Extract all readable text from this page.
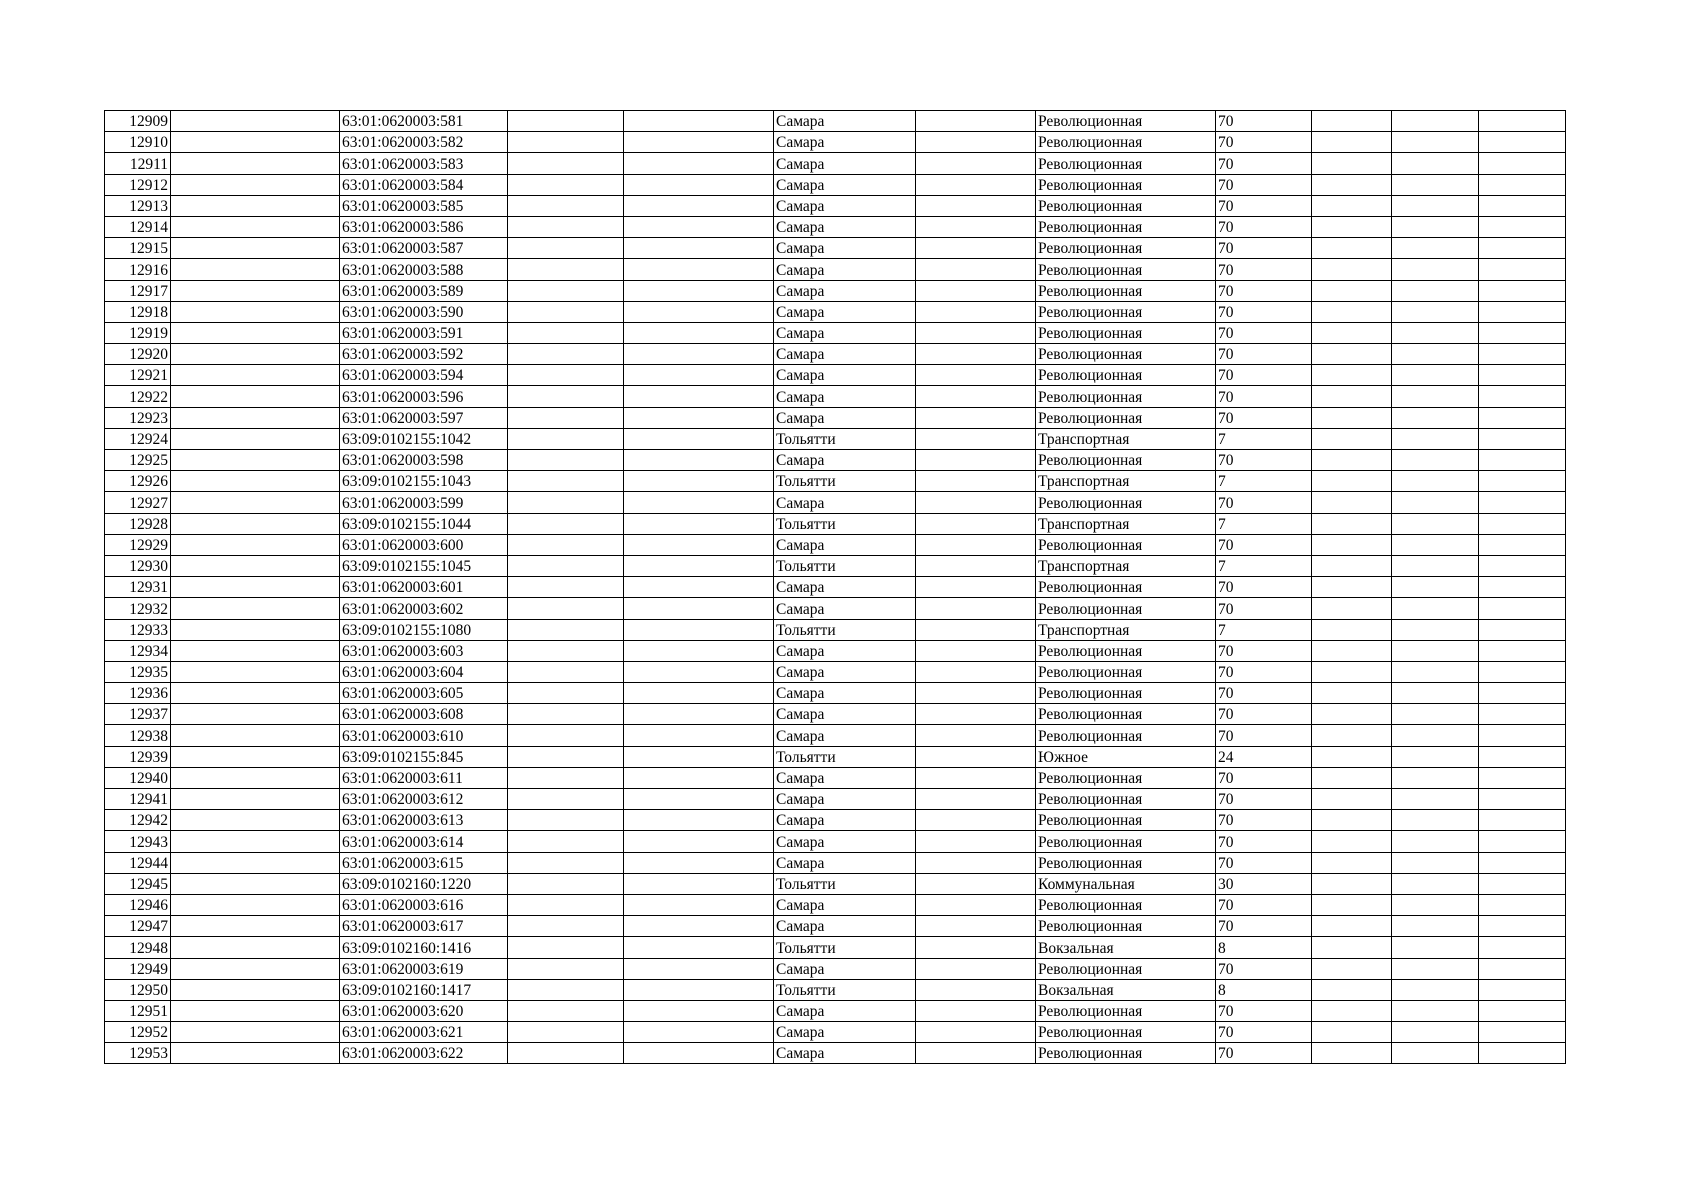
12909		63:01:0620003:581			Самара		Революционная	70			
12910		63:01:0620003:582			Самара		Революционная	70			
12911		63:01:0620003:583			Самара		Революционная	70			
12912		63:01:0620003:584			Самара		Революционная	70			
12913		63:01:0620003:585			Самара		Революционная	70			
12914		63:01:0620003:586			Самара		Революционная	70			
12915		63:01:0620003:587			Самара		Революционная	70			
12916		63:01:0620003:588			Самара		Революционная	70			
12917		63:01:0620003:589			Самара		Революционная	70			
12918		63:01:0620003:590			Самара		Революционная	70			
12919		63:01:0620003:591			Самара		Революционная	70			
12920		63:01:0620003:592			Самара		Революционная	70			
12921		63:01:0620003:594			Самара		Революционная	70			
12922		63:01:0620003:596			Самара		Революционная	70			
12923		63:01:0620003:597			Самара		Революционная	70			
12924		63:09:0102155:1042			Тольятти		Транспортная	7			
12925		63:01:0620003:598			Самара		Революционная	70			
12926		63:09:0102155:1043			Тольятти		Транспортная	7			
12927		63:01:0620003:599			Самара		Революционная	70			
12928		63:09:0102155:1044			Тольятти		Транспортная	7			
12929		63:01:0620003:600			Самара		Революционная	70			
12930		63:09:0102155:1045			Тольятти		Транспортная	7			
12931		63:01:0620003:601			Самара		Революционная	70			
12932		63:01:0620003:602			Самара		Революционная	70			
12933		63:09:0102155:1080			Тольятти		Транспортная	7			
12934		63:01:0620003:603			Самара		Революционная	70			
12935		63:01:0620003:604			Самара		Революционная	70			
12936		63:01:0620003:605			Самара		Революционная	70			
12937		63:01:0620003:608			Самара		Революционная	70			
12938		63:01:0620003:610			Самара		Революционная	70			
12939		63:09:0102155:845			Тольятти		Южное	24			
12940		63:01:0620003:611			Самара		Революционная	70			
12941		63:01:0620003:612			Самара		Революционная	70			
12942		63:01:0620003:613			Самара		Революционная	70			
12943		63:01:0620003:614			Самара		Революционная	70			
12944		63:01:0620003:615			Самара		Революционная	70			
12945		63:09:0102160:1220			Тольятти		Коммунальная	30			
12946		63:01:0620003:616			Самара		Революционная	70			
12947		63:01:0620003:617			Самара		Революционная	70			
12948		63:09:0102160:1416			Тольятти		Вокзальная	8			
12949		63:01:0620003:619			Самара		Революционная	70			
12950		63:09:0102160:1417			Тольятти		Вокзальная	8			
12951		63:01:0620003:620			Самара		Революционная	70			
12952		63:01:0620003:621			Самара		Революционная	70			
12953		63:01:0620003:622			Самара		Революционная	70			
